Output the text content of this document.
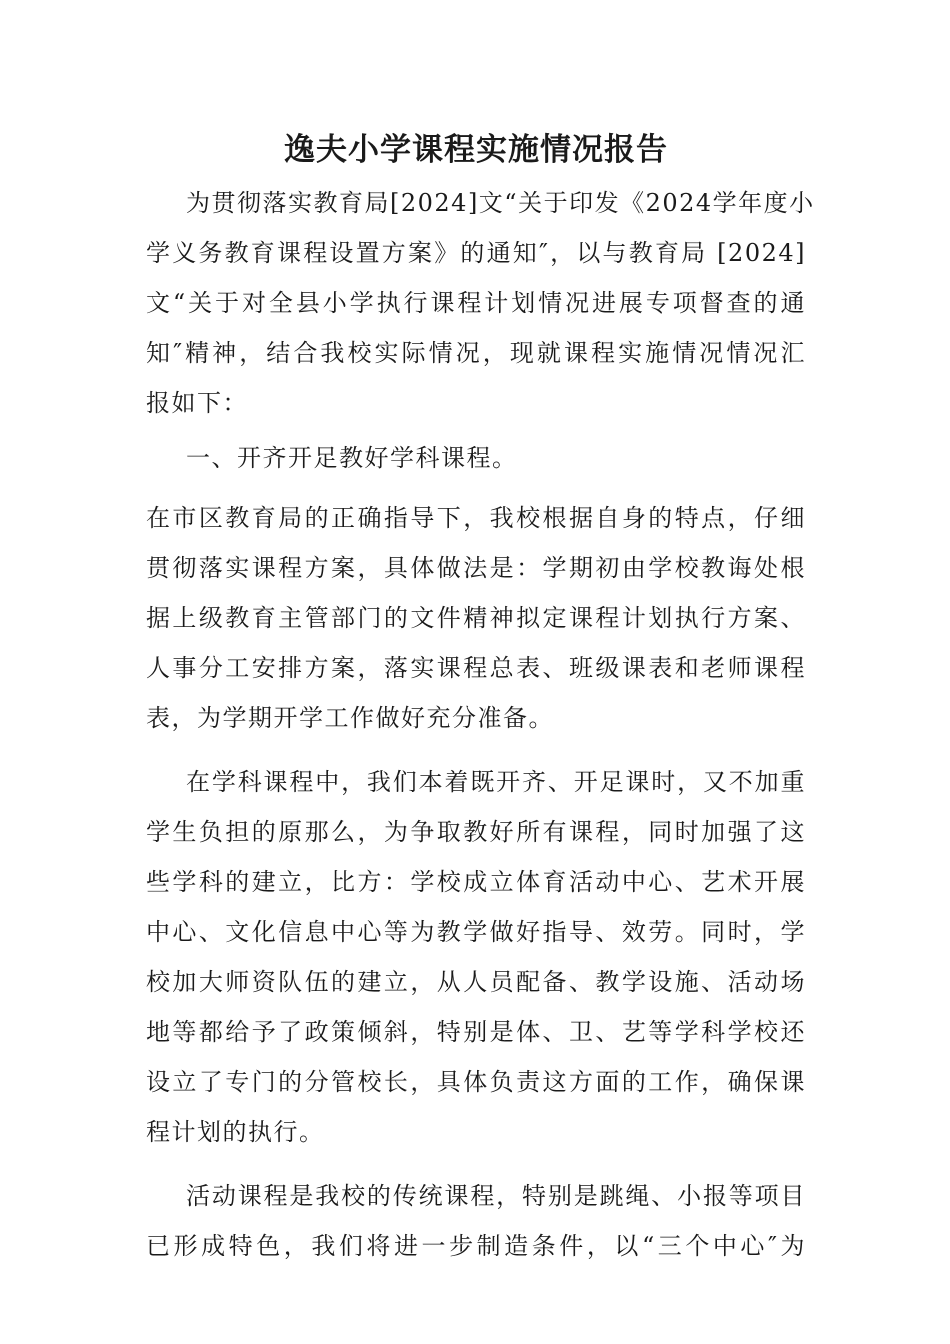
逸夫小学课程实施情况报告
为贯彻落实教育局[2024]文“关于印发《2024学年度小
学义务教育课程设置方案》的通知″，以与教育局 [2024]
文“关于对全县小学执行课程计划情况进展专项督查的通
知″精神，结合我校实际情况，现就课程实施情况情况汇
报如下：
一、开齐开足教好学科课程。
在市区教育局的正确指导下，我校根据自身的特点，仔细
贯彻落实课程方案，具体做法是：学期初由学校教诲处根
据上级教育主管部门的文件精神拟定课程计划执行方案、
人事分工安排方案，落实课程总表、班级课表和老师课程
表，为学期开学工作做好充分准备。
在学科课程中，我们本着既开齐、开足课时，又不加重
学生负担的原那么，为争取教好所有课程，同时加强了这
些学科的建立，比方：学校成立体育活动中心、艺术开展
中心、文化信息中心等为教学做好指导、效劳。同时，学
校加大师资队伍的建立，从人员配备、教学设施、活动场
地等都给予了政策倾斜，特别是体、卫、艺等学科学校还
设立了专门的分管校长，具体负责这方面的工作，确保课
程计划的执行。
活动课程是我校的传统课程，特别是跳绳、小报等项目
已形成特色，我们将进一步制造条件，以“三个中心″为
